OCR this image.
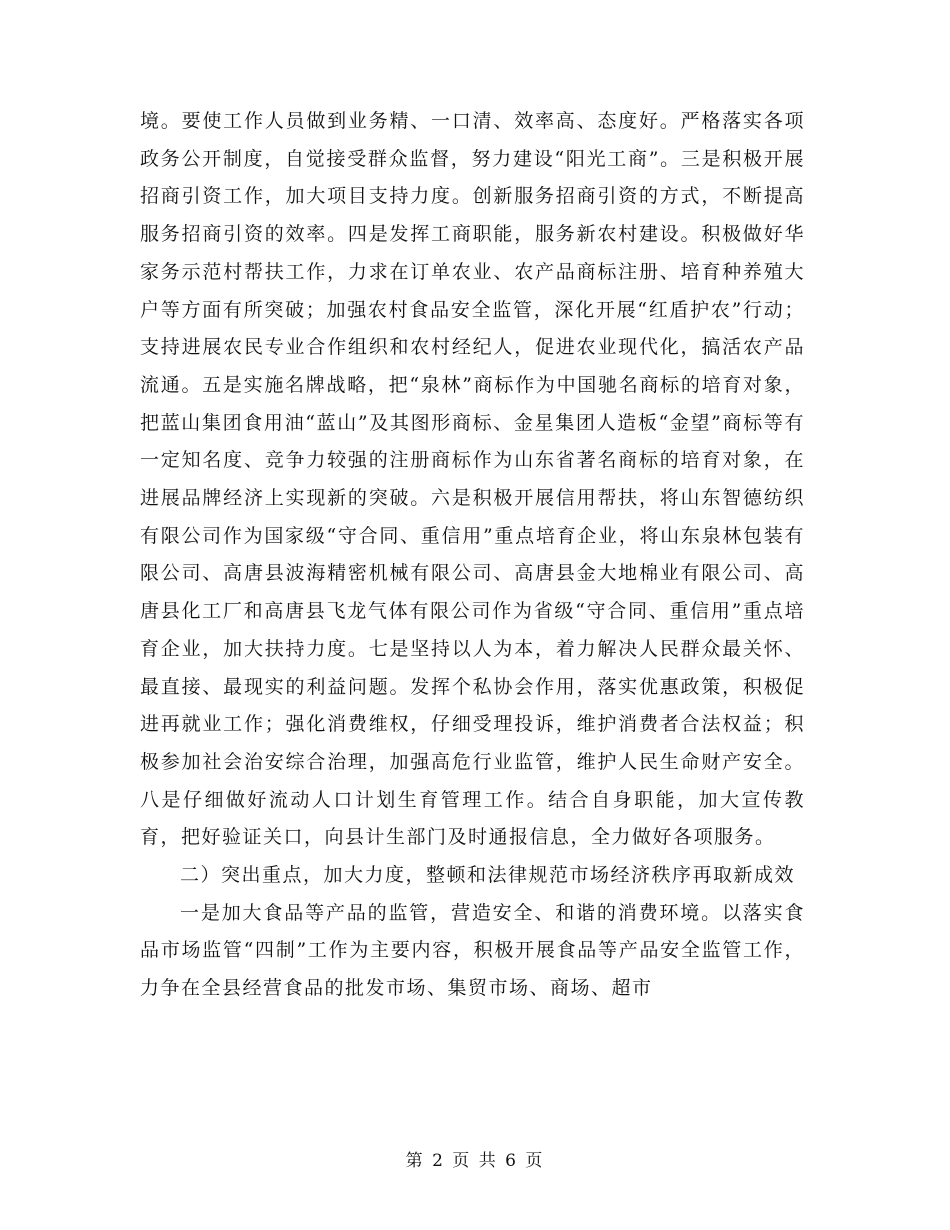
境。要使工作人员做到业务精、一口清、效率高、态度好。严格落实各项政务公开制度，自觉接受群众监督，努力建设“阳光工商”。三是积极开展招商引资工作，加大项目支持力度。创新服务招商引资的方式，不断提高服务招商引资的效率。四是发挥工商职能，服务新农村建设。积极做好华家务示范村帮扶工作，力求在订单农业、农产品商标注册、培育种养殖大户等方面有所突破；加强农村食品安全监管，深化开展“红盾护农”行动；支持进展农民专业合作组织和农村经纪人，促进农业现代化，搞活农产品流通。五是实施名牌战略，把“泉林”商标作为中国驰名商标的培育对象，把蓝山集团食用油“蓝山”及其图形商标、金星集团人造板“金望”商标等有一定知名度、竞争力较强的注册商标作为山东省著名商标的培育对象，在进展品牌经济上实现新的突破。六是积极开展信用帮扶，将山东智德纺织有限公司作为国家级“守合同、重信用”重点培育企业，将山东泉林包装有限公司、高唐县波海精密机械有限公司、高唐县金大地棉业有限公司、高唐县化工厂和高唐县飞龙气体有限公司作为省级“守合同、重信用”重点培育企业，加大扶持力度。七是坚持以人为本，着力解决人民群众最关怀、最直接、最现实的利益问题。发挥个私协会作用，落实优惠政策，积极促进再就业工作；强化消费维权，仔细受理投诉，维护消费者合法权益；积极参加社会治安综合治理，加强高危行业监管，维护人民生命财产安全。八是仔细做好流动人口计划生育管理工作。结合自身职能，加大宣传教育，把好验证关口，向县计生部门及时通报信息，全力做好各项服务。

二）突出重点，加大力度，整顿和法律规范市场经济秩序再取新成效

一是加大食品等产品的监管，营造安全、和谐的消费环境。以落实食品市场监管“四制”工作为主要内容，积极开展食品等产品安全监管工作，力争在全县经营食品的批发市场、集贸市场、商场、超市

第 2 页 共 6 页
